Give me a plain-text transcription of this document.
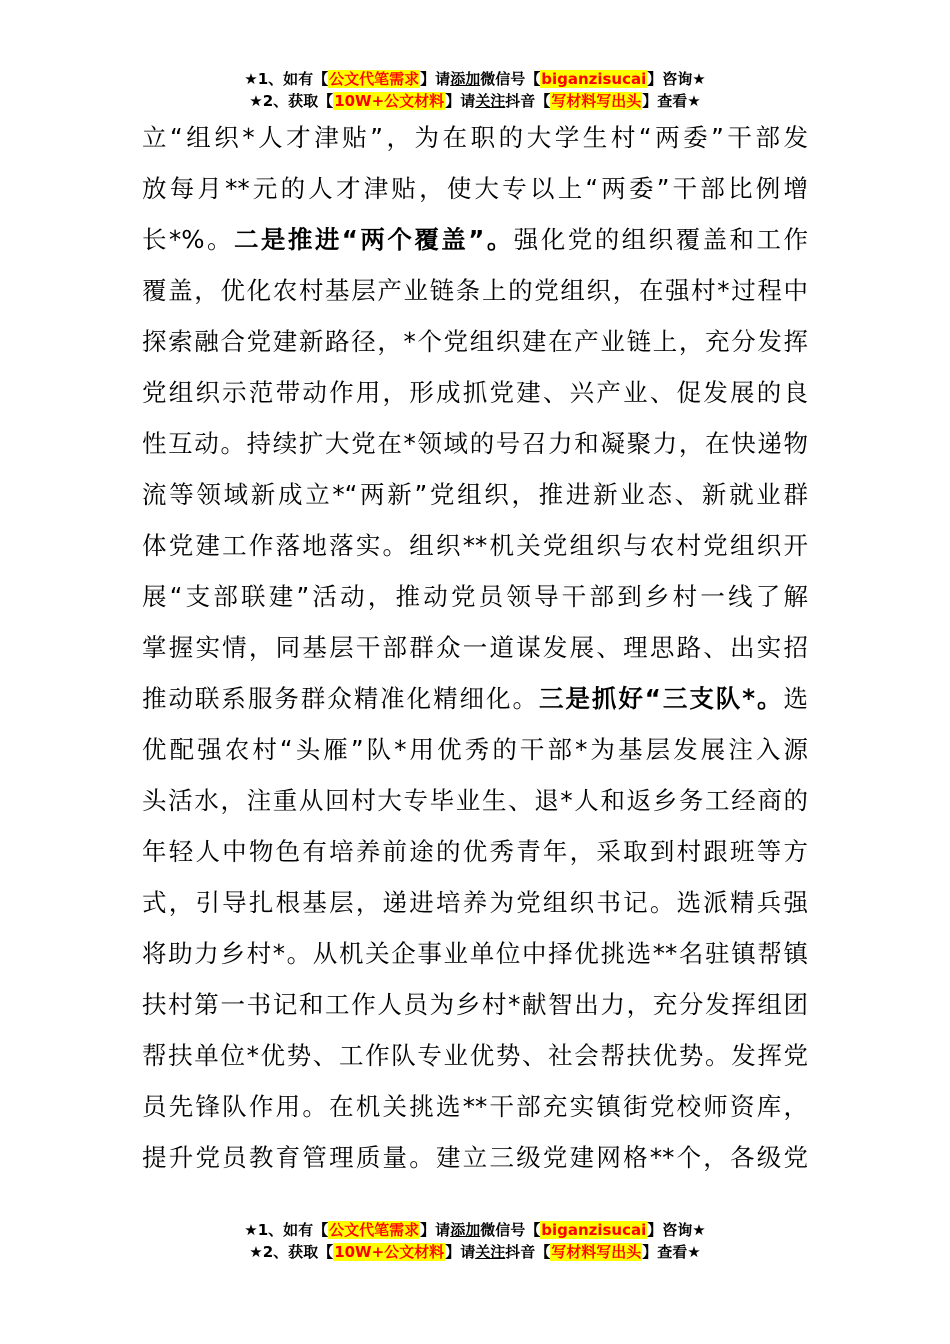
★1、如有【公文代笔需求】请添加微信号【biganzisucai】咨询★
★2、获取【10W+公文材料】请关注抖音【写材料写出头】查看★
立“组织*人才津贴”，为在职的大学生村“两委”干部发
放每月**元的人才津贴，使大专以上“两委”干部比例增
长*%。二是推进“两个覆盖”。强化党的组织覆盖和工作
覆盖，优化农村基层产业链条上的党组织，在强村*过程中
探索融合党建新路径，*个党组织建在产业链上，充分发挥
党组织示范带动作用，形成抓党建、兴产业、促发展的良
性互动。持续扩大党在*领域的号召力和凝聚力，在快递物
流等领域新成立*“两新”党组织，推进新业态、新就业群
体党建工作落地落实。组织**机关党组织与农村党组织开
展“支部联建”活动，推动党员领导干部到乡村一线了解
掌握实情，同基层干部群众一道谋发展、理思路、出实招
推动联系服务群众精准化精细化。三是抓好“三支队*。选
优配强农村“头雁”队*用优秀的干部*为基层发展注入源
头活水，注重从回村大专毕业生、退*人和返乡务工经商的
年轻人中物色有培养前途的优秀青年，采取到村跟班等方
式，引导扎根基层，递进培养为党组织书记。选派精兵强
将助力乡村*。从机关企事业单位中择优挑选**名驻镇帮镇
扶村第一书记和工作人员为乡村*献智出力，充分发挥组团
帮扶单位*优势、工作队专业优势、社会帮扶优势。发挥党
员先锋队作用。在机关挑选**干部充实镇街党校师资库，
提升党员教育管理质量。建立三级党建网格**个，各级党
★1、如有【公文代笔需求】请添加微信号【biganzisucai】咨询★
★2、获取【10W+公文材料】请关注抖音【写材料写出头】查看★
